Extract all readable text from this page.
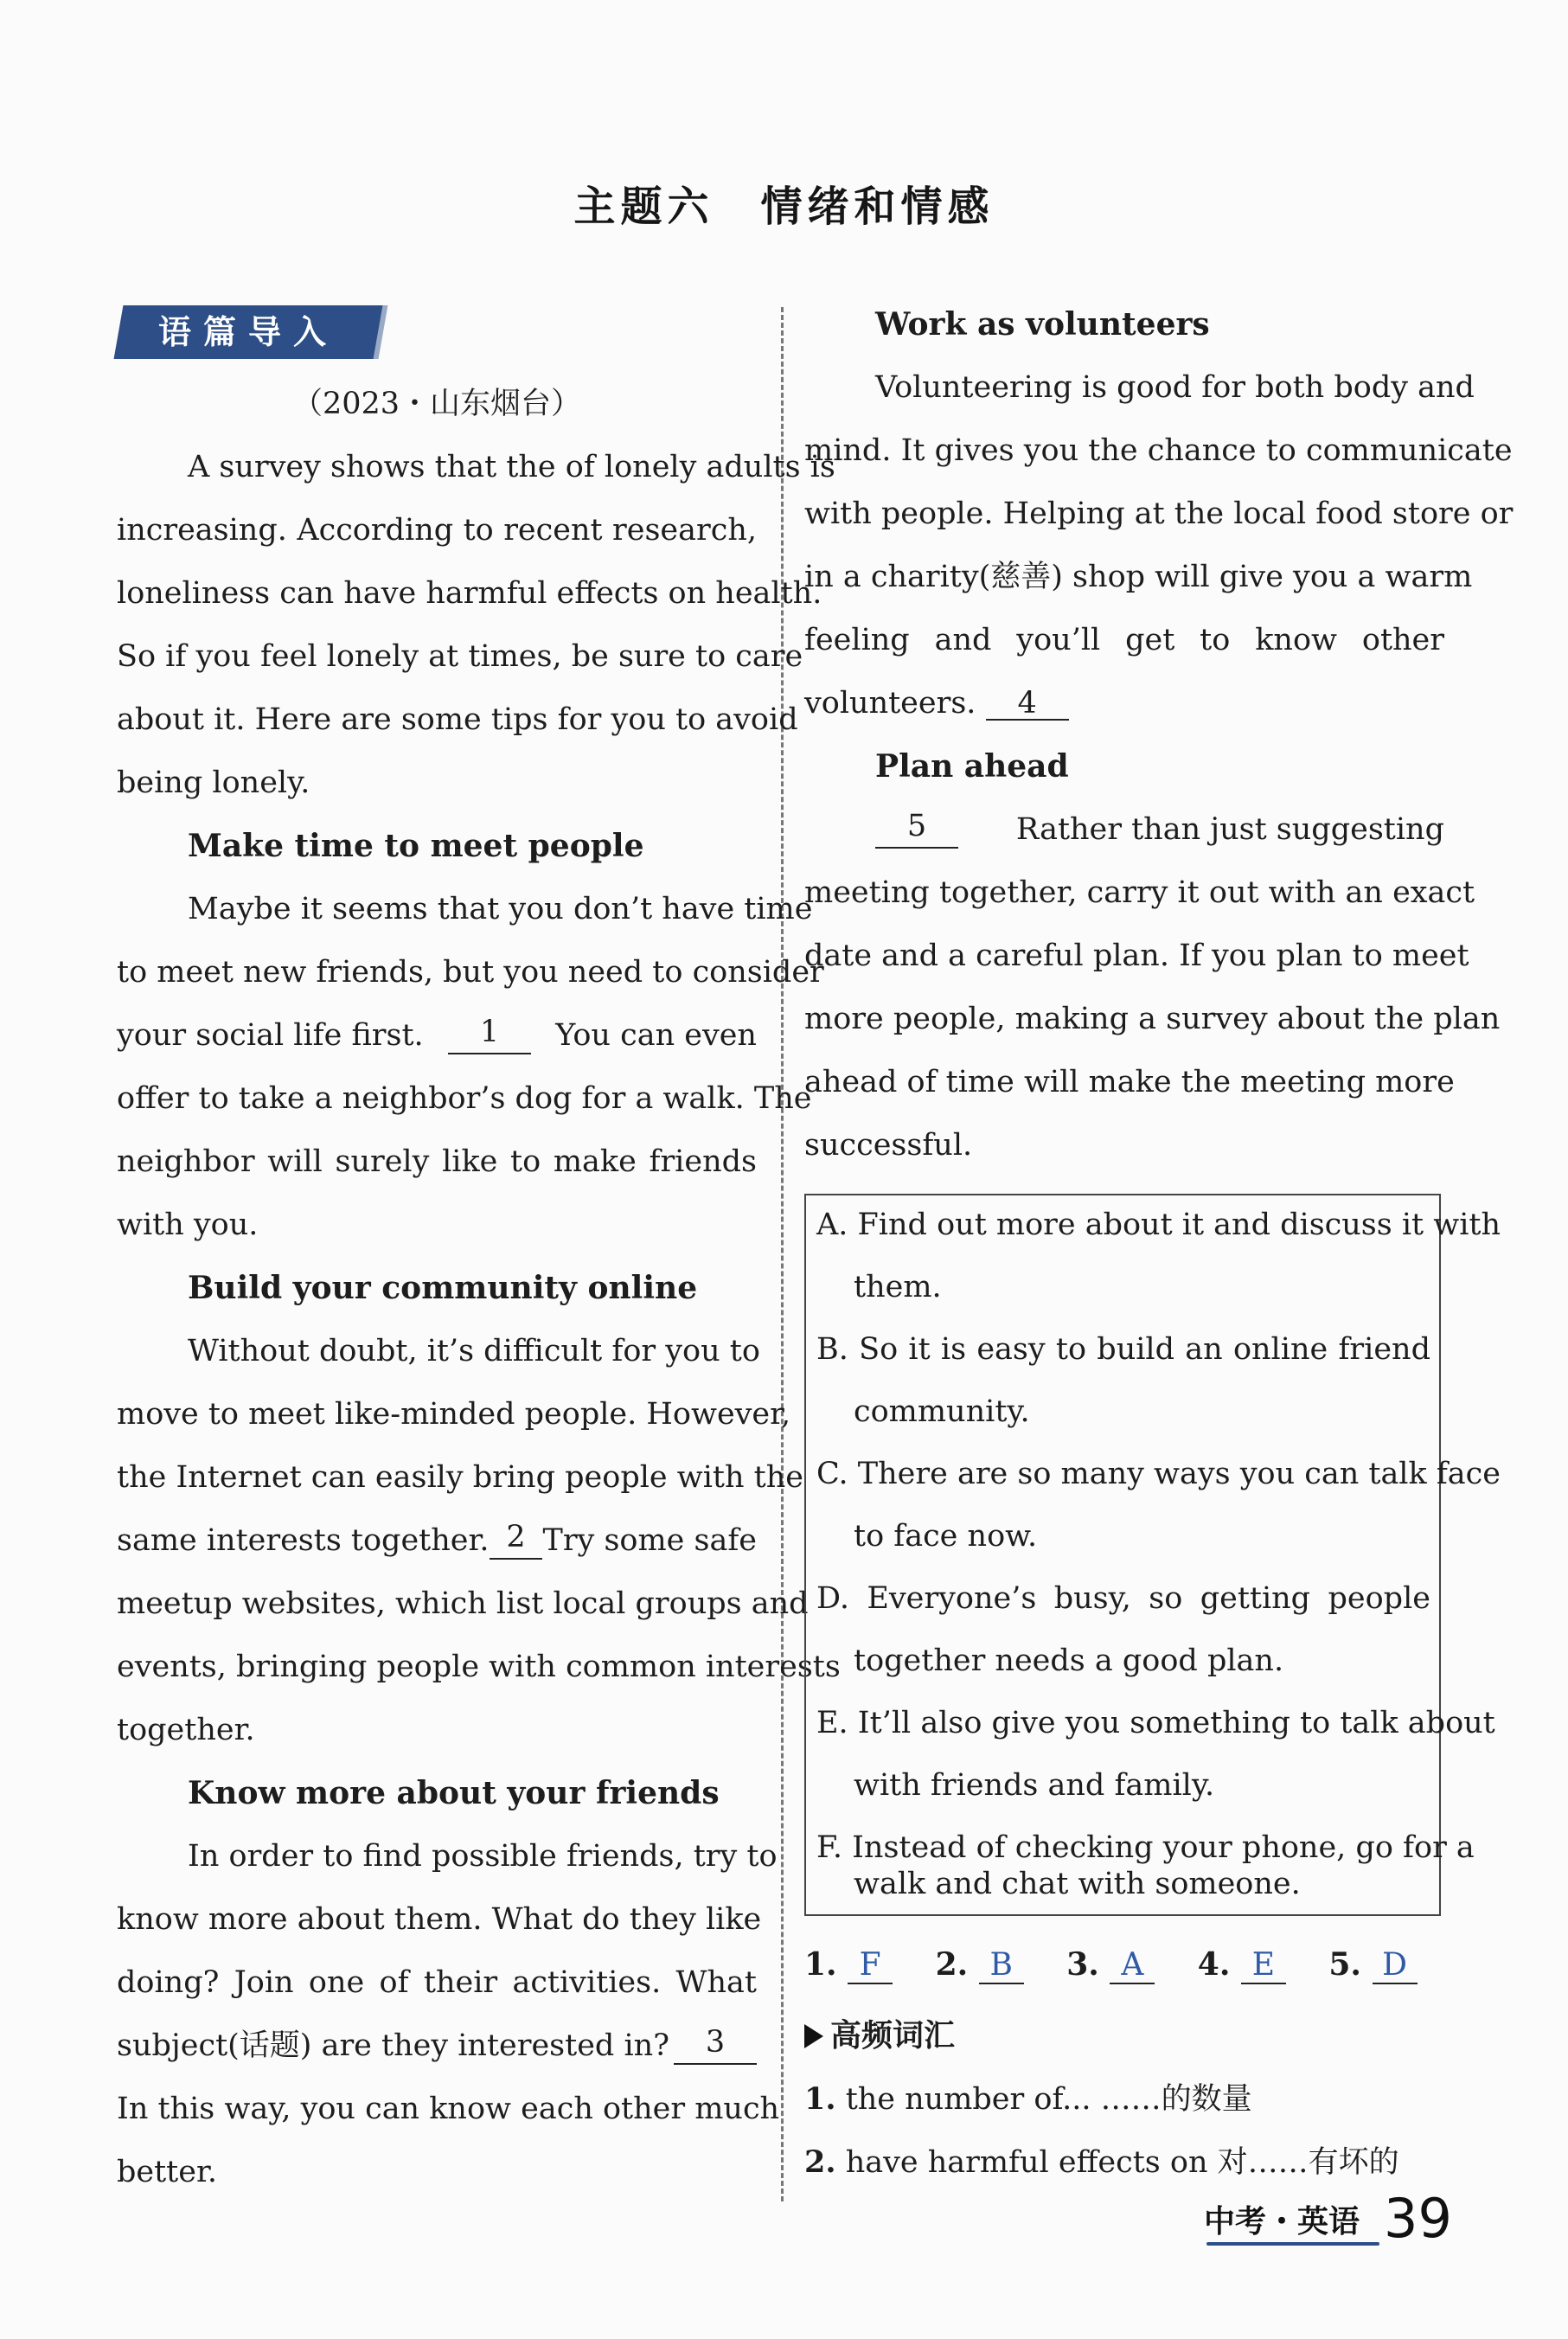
主题六　情绪和情感
语篇导入
（2023・山东烟台）
A survey shows that the of lonely adults is
increasing. According to recent research,
loneliness can have harmful effects on health.
So if you feel lonely at times, be sure to care
about it. Here are some tips for you to avoid
being lonely.
Make time to meet people
Maybe it seems that you don’t have time
to meet new friends, but you need to consider
your social life first.	1	You can even
offer to take a neighbor’s dog for a walk. The
neighbor will surely like to make friends
with you.
Build your community online
Without doubt, it’s difficult for you to
move to meet like-minded people. However,
the Internet can easily bring people with the
same interests together. 2 Try some safe
meetup websites, which list local groups and
events, bringing people with common interests
together.
Know more about your friends
In order to find possible friends, try to
know more about them. What do they like
doing? Join one of their activities. What
subject(话题) are they interested in?	3
In this way, you can know each other much
better.
Work as volunteers
Volunteering is good for both body and
mind. It gives you the chance to communicate
with people. Helping at the local food store or
in a charity(慈善) shop will give you a warm
feeling and you’ll get to know other
volunteers. 4
Plan ahead
5	Rather than just suggesting
meeting together, carry it out with an exact
date and a careful plan. If you plan to meet
more people, making a survey about the plan
ahead of time will make the meeting more
successful.
A. Find out more about it and discuss it with
them.
B. So it is easy to build an online friend
community.
C. There are so many ways you can talk face
to face now.
D. Everyone’s busy, so getting people
together needs a good plan.
E. It’ll also give you something to talk about
with friends and family.
F. Instead of checking your phone, go for a
walk and chat with someone.
1. F 2. B 3. A 4. E 5. D
高频词汇
1. the number of... ……的数量
2. have harmful effects on 对……有坏的
中考・英语 39
